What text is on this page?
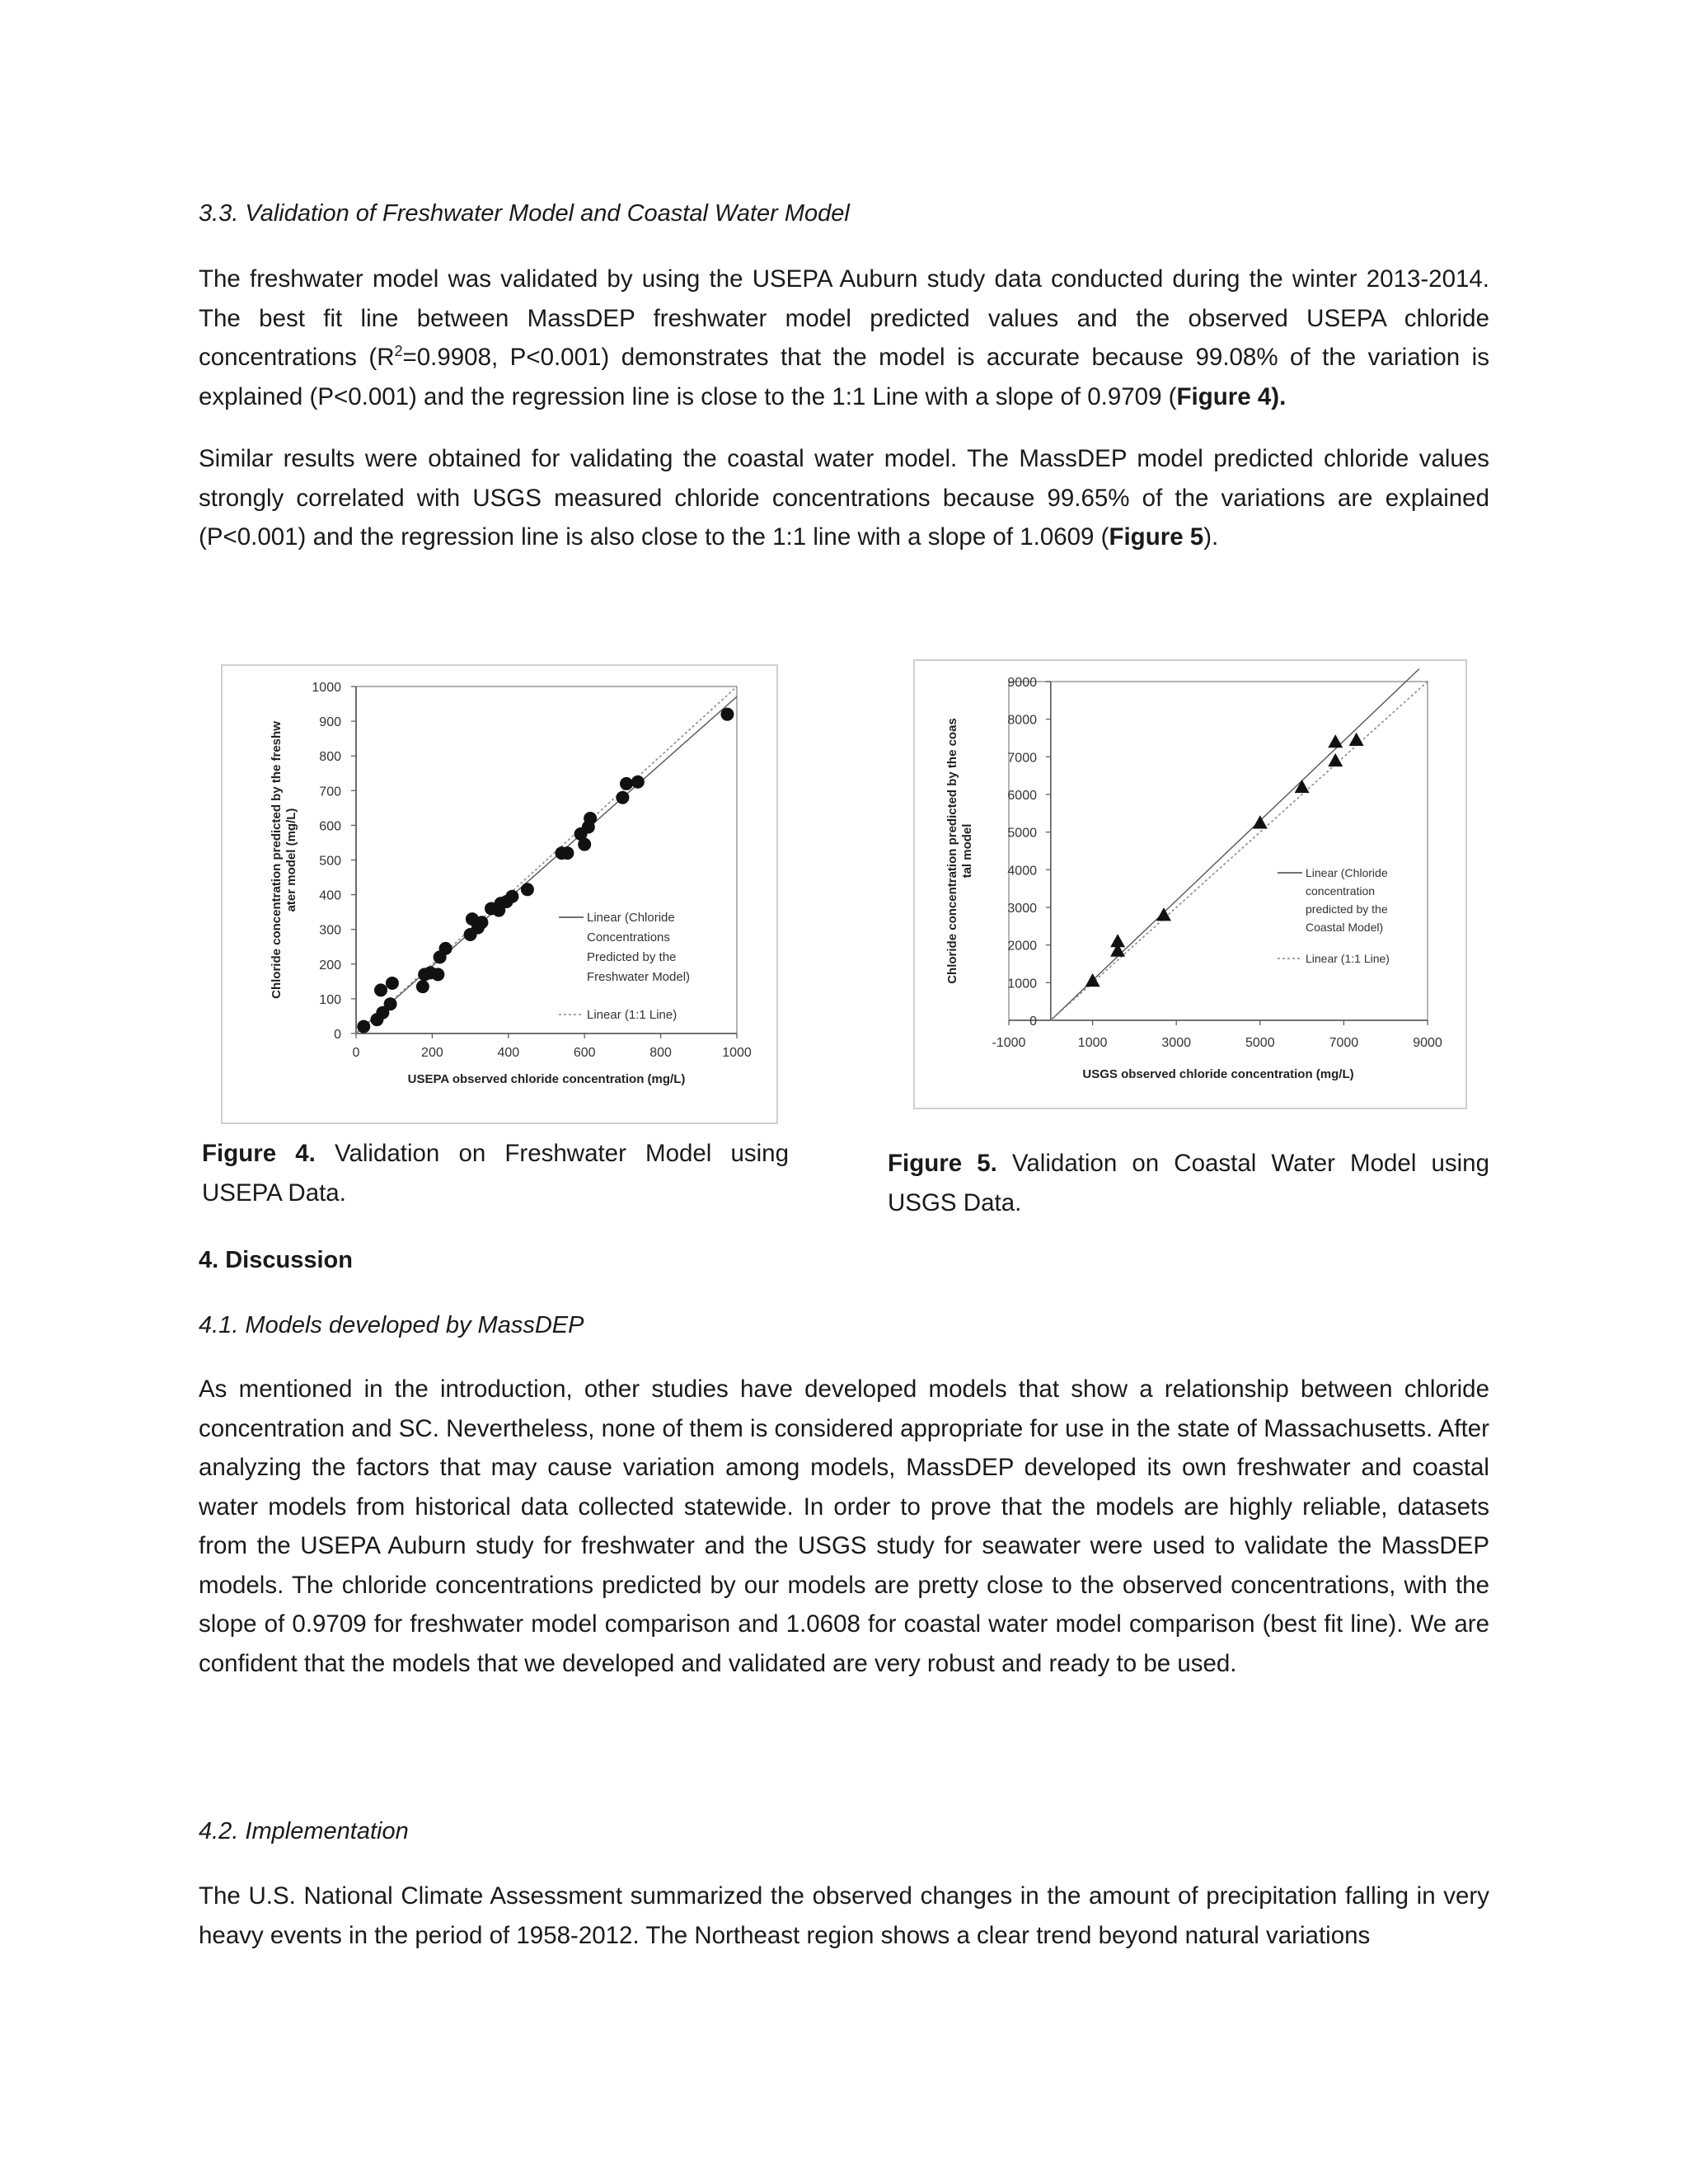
3.3. Validation of Freshwater Model and Coastal Water Model

The freshwater model was validated by using the USEPA Auburn study data conducted during the winter 2013-2014. The best fit line between MassDEP freshwater model predicted values and the observed USEPA chloride concentrations ($R^2=0.9908$, P<0.001) demonstrates that the model is accurate because 99.08% of the variation is explained (P<0.001) and the regression line is close to the 1:1 Line with a slope of 0.9709 (Figure 4).

Similar results were obtained for validating the coastal water model. The MassDEP model predicted chloride values strongly correlated with USGS measured chloride concentrations because 99.65% of the variations are explained (P<0.001) and the regression line is also close to the 1:1 line with a slope of 1.0609 (Figure 5).

0
100
200
300
400
500
600
700
800
900
1000
0	200	400	600	800	1000
Linear (Chloride
Concentrations
Predicted by the
Freshwater Model)
Linear (1:1 Line)
USEPA observed chloride concentration (mg/L)
Chloride concentration predicted by the freshwater model (mg/L)
0
1000
2000
3000
4000
5000
6000
7000
8000
9000
-1000	1000	3000	5000	7000	9000
Linear (Chloride
concentration
predicted by the
Coastal Model)
Linear (1:1 Line)
USGS observed chloride concentration (mg/L)
Chloride concentration predicted by the coastal model

Figure 4. Validation on Freshwater Model using USEPA Data.

Figure 5. Validation on Coastal Water Model using USGS Data.

4. Discussion
4.1. Models developed by MassDEP

As mentioned in the introduction, other studies have developed models that show a relationship between chloride concentration and SC. Nevertheless, none of them is considered appropriate for use in the state of Massachusetts. After analyzing the factors that may cause variation among models, MassDEP developed its own freshwater and coastal water models from historical data collected statewide. In order to prove that the models are highly reliable, datasets from the USEPA Auburn study for freshwater and the USGS study for seawater were used to validate the MassDEP models. The chloride concentrations predicted by our models are pretty close to the observed concentrations, with the slope of 0.9709 for freshwater model comparison and 1.0608 for coastal water model comparison (best fit line). We are confident that the models that we developed and validated are very robust and ready to be used.

4.2. Implementation

The U.S. National Climate Assessment summarized the observed changes in the amount of precipitation falling in very heavy events in the period of 1958-2012. The Northeast region shows a clear trend beyond natural variations
